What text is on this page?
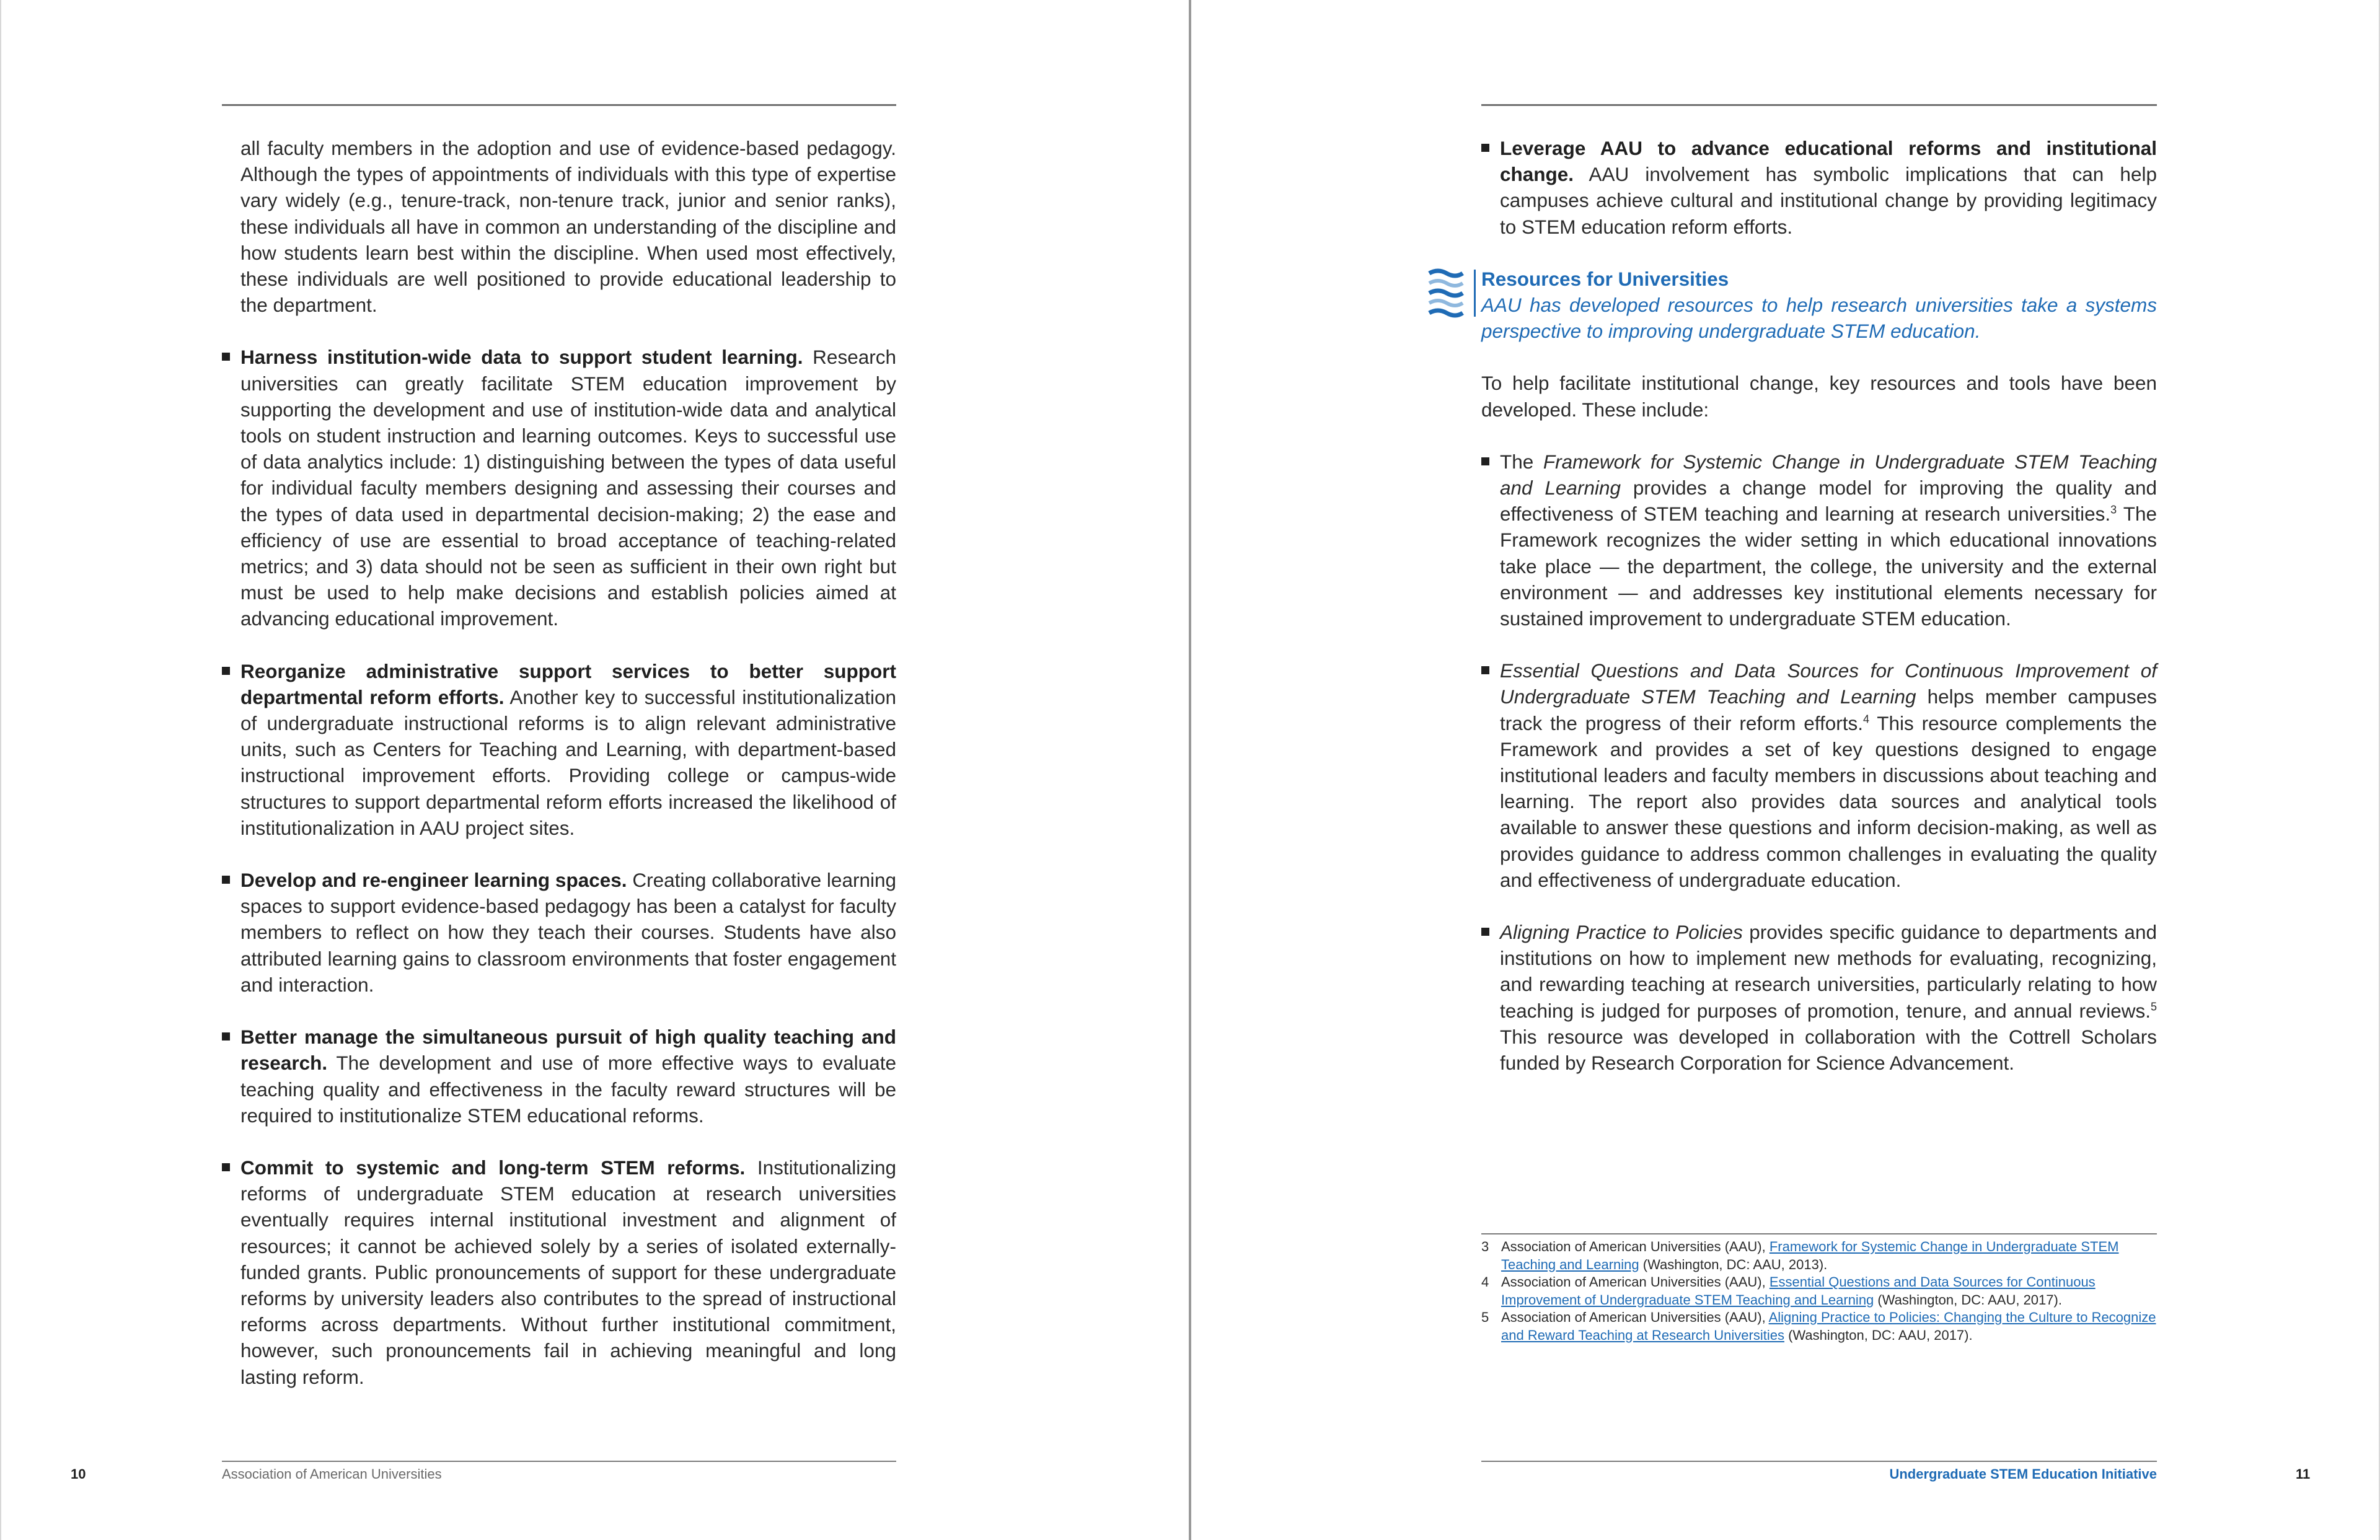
all faculty members in the adoption and use of evidence-based pedagogy. Although the types of appointments of individuals with this type of expertise vary widely (e.g., tenure-track, non-tenure track, junior and senior ranks), these individuals all have in common an understanding of the discipline and how students learn best within the discipline. When used most effectively, these individuals are well positioned to provide educational leadership to the department.

Harness institution-wide data to support student learning. Research universities can greatly facilitate STEM education improvement by supporting the development and use of institution-wide data and analytical tools on student instruction and learning outcomes. Keys to successful use of data analytics include: 1) distinguishing between the types of data useful for individual faculty members designing and assessing their courses and the types of data used in departmental decision-making; 2) the ease and efficiency of use are essential to broad acceptance of teaching-related metrics; and 3) data should not be seen as sufficient in their own right but must be used to help make decisions and establish policies aimed at advancing educational improvement.
Reorganize administrative support services to better support departmental reform efforts. Another key to successful institutionalization of undergraduate instructional reforms is to align relevant administrative units, such as Centers for Teaching and Learning, with department-based instructional improvement efforts. Providing college or campus-wide structures to support departmental reform efforts increased the likelihood of institutionalization in AAU project sites.
Develop and re-engineer learning spaces. Creating collaborative learning spaces to support evidence-based pedagogy has been a catalyst for faculty members to reflect on how they teach their courses. Students have also attributed learning gains to classroom environments that foster engagement and interaction.
Better manage the simultaneous pursuit of high quality teaching and research. The development and use of more effective ways to evaluate teaching quality and effectiveness in the faculty reward structures will be required to institutionalize STEM educational reforms.
Commit to systemic and long-term STEM reforms. Institutionalizing reforms of undergraduate STEM education at research universities eventually requires internal institutional investment and alignment of resources; it cannot be achieved solely by a series of isolated externally-funded grants. Public pronouncements of support for these undergraduate reforms by university leaders also contributes to the spread of instructional reforms across departments. Without further institutional commitment, however, such pronouncements fail in achieving meaningful and long lasting reform.
10	Association of American Universities
Leverage AAU to advance educational reforms and institutional change. AAU involvement has symbolic implications that can help campuses achieve cultural and institutional change by providing legitimacy to STEM education reform efforts.
Resources for Universities
AAU has developed resources to help research universities take a systems perspective to improving undergraduate STEM education.

To help facilitate institutional change, key resources and tools have been developed. These include:

The Framework for Systemic Change in Undergraduate STEM Teaching and Learning provides a change model for improving the quality and effectiveness of STEM teaching and learning at research universities.$^3$ The Framework recognizes the wider setting in which educational innovations take place — the department, the college, the university and the external environment — and addresses key institutional elements necessary for sustained improvement to undergraduate STEM education.
Essential Questions and Data Sources for Continuous Improvement of Undergraduate STEM Teaching and Learning helps member campuses track the progress of their reform efforts.$^4$ This resource complements the Framework and provides a set of key questions designed to engage institutional leaders and faculty members in discussions about teaching and learning. The report also provides data sources and analytical tools available to answer these questions and inform decision-making, as well as provides guidance to address common challenges in evaluating the quality and effectiveness of undergraduate education.
Aligning Practice to Policies provides specific guidance to departments and institutions on how to implement new methods for evaluating, recognizing, and rewarding teaching at research universities, particularly relating to how teaching is judged for purposes of promotion, tenure, and annual reviews.$^5$ This resource was developed in collaboration with the Cottrell Scholars funded by Research Corporation for Science Advancement.
3 Association of American Universities (AAU), Framework for Systemic Change in Undergraduate STEM Teaching and Learning (Washington, DC: AAU, 2013).
4 Association of American Universities (AAU), Essential Questions and Data Sources for Continuous Improvement of Undergraduate STEM Teaching and Learning (Washington, DC: AAU, 2017).
5 Association of American Universities (AAU), Aligning Practice to Policies: Changing the Culture to Recognize and Reward Teaching at Research Universities (Washington, DC: AAU, 2017).
Undergraduate STEM Education Initiative	11
